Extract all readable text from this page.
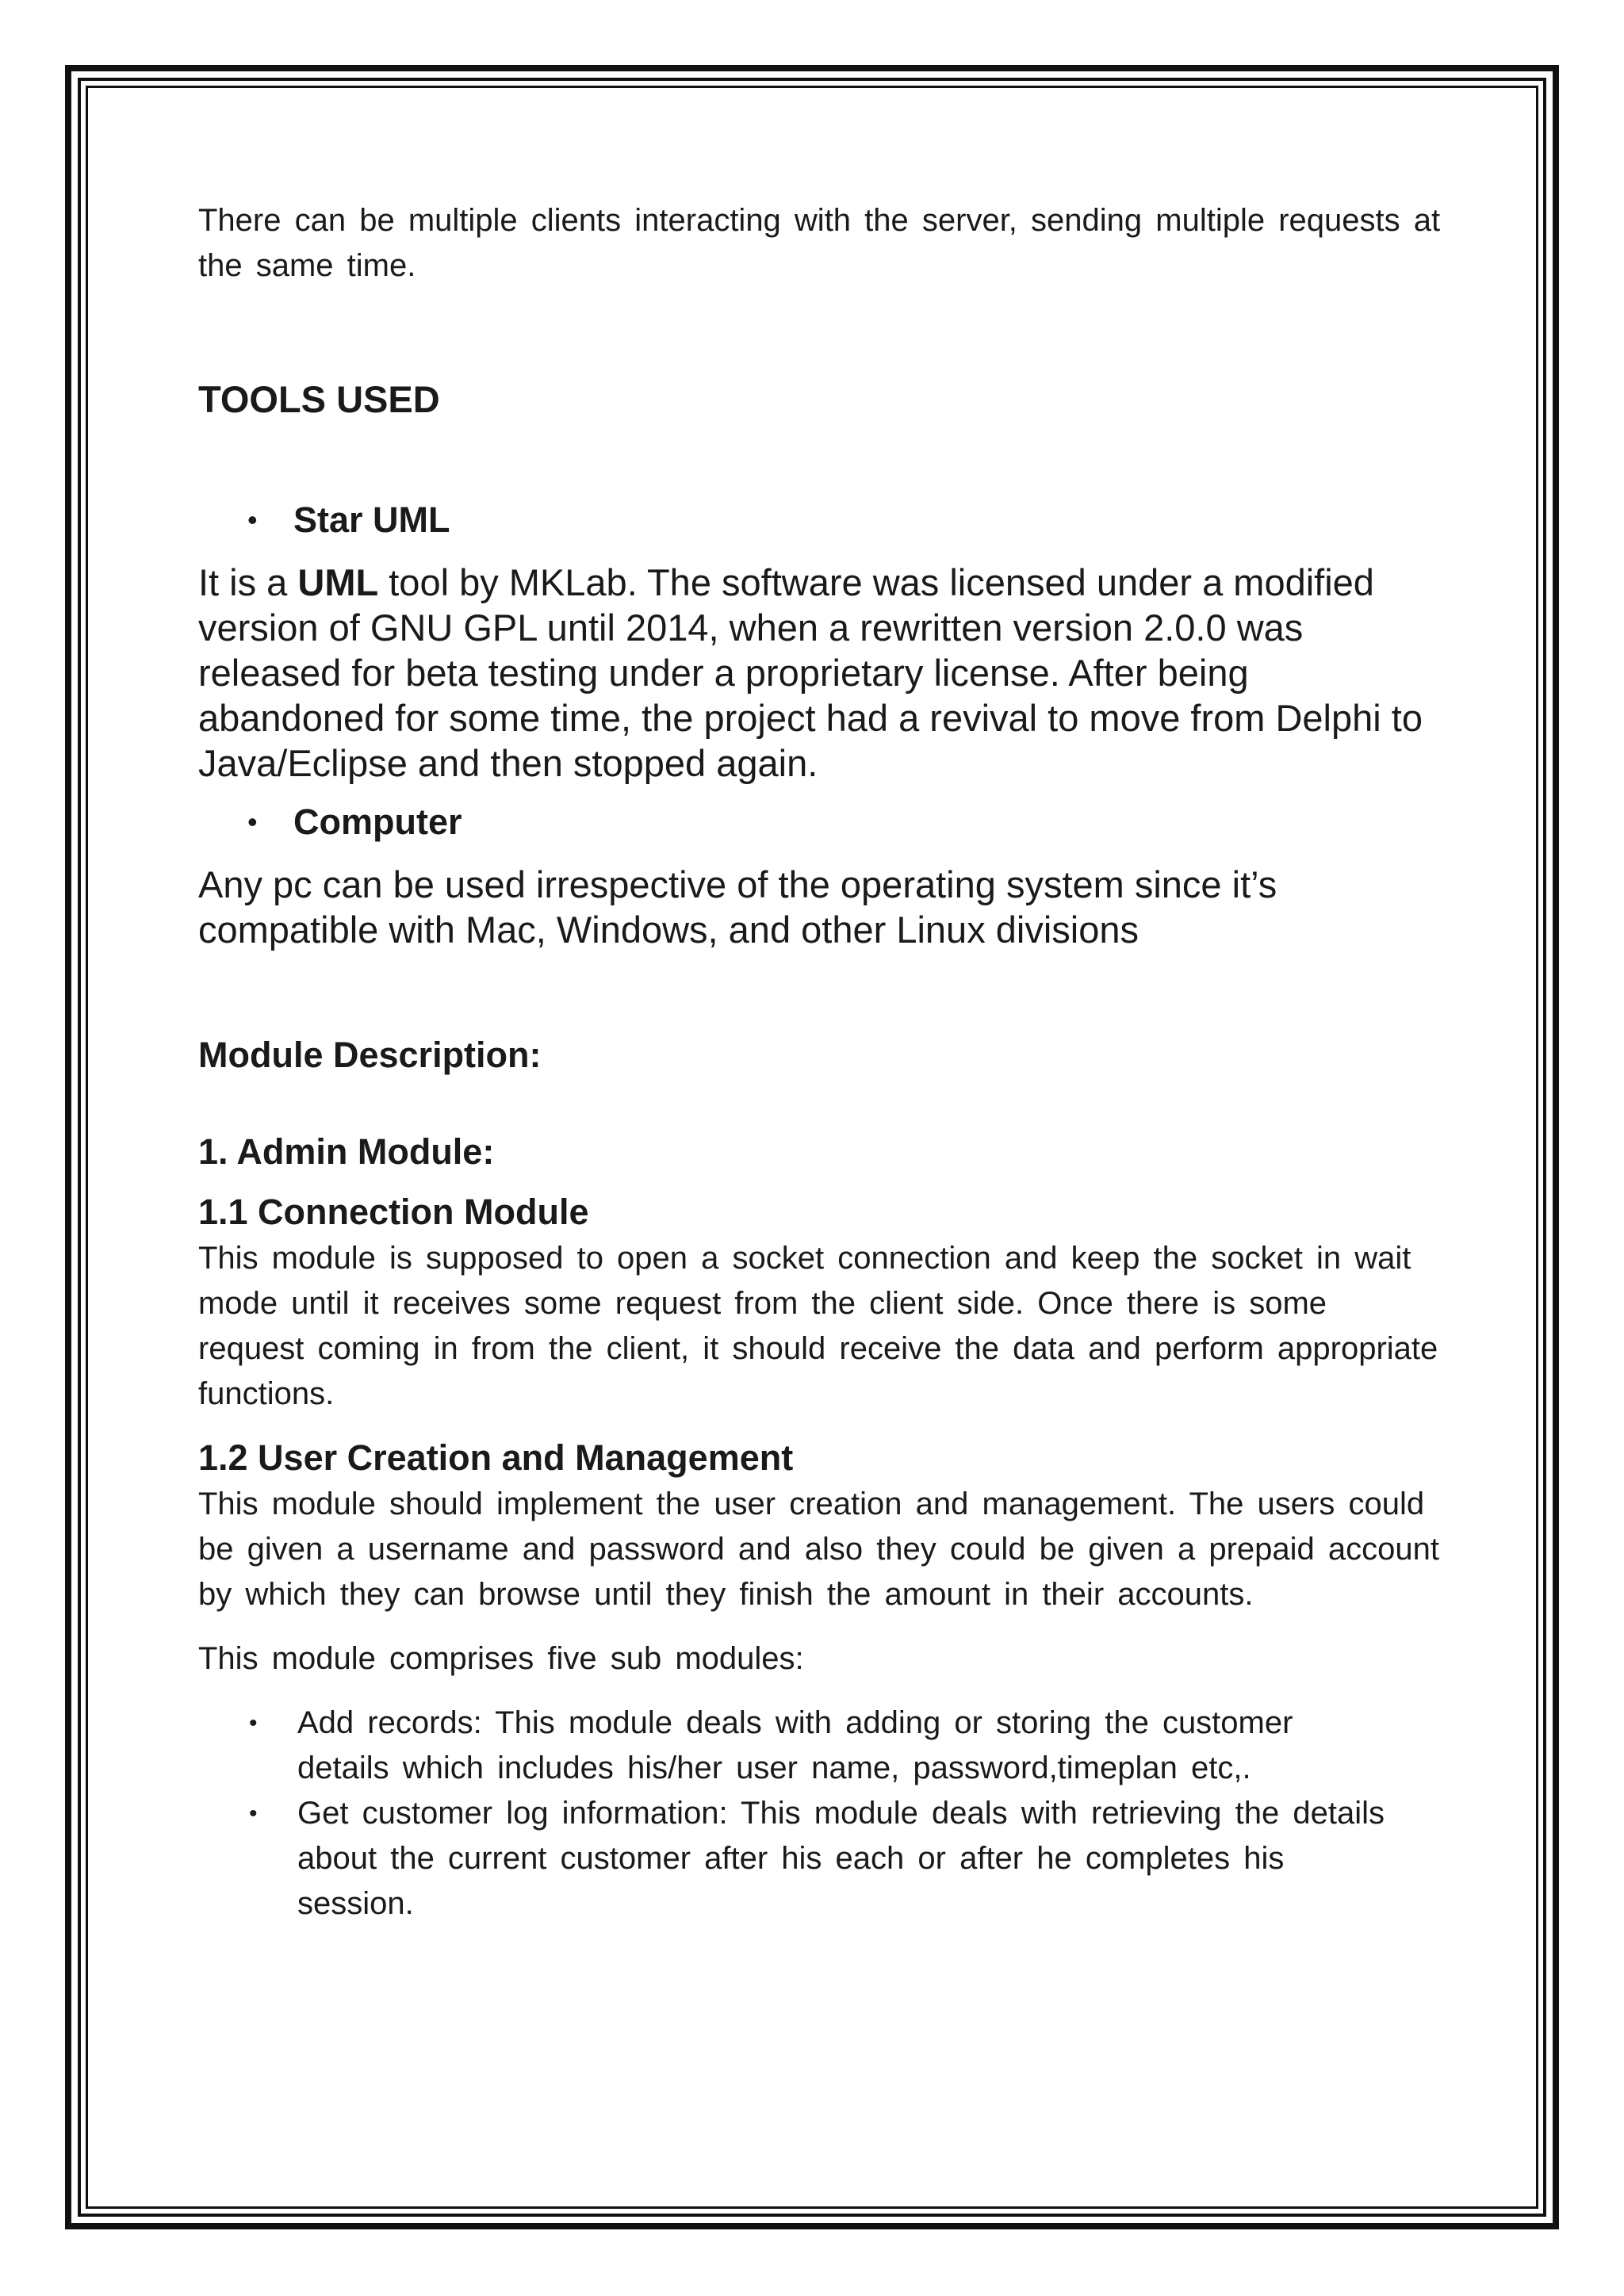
There can be multiple clients interacting with the server, sending multiple requests at the same time.

TOOLS USED
•	Star UML

It is a UML tool by MKLab. The software was licensed under a modified version of GNU GPL until 2014, when a rewritten version 2.0.0 was released for beta testing under a proprietary license. After being abandoned for some time, the project had a revival to move from Delphi to Java/Eclipse and then stopped again.

•	Computer

Any pc can be used irrespective of the operating system since it’s compatible with Mac, Windows, and other Linux divisions

Module Description:
1. Admin Module:
1.1 Connection Module

This module is supposed to open a socket connection and keep the socket in wait mode until it receives some request from the client side. Once there is some request coming in from the client, it should receive the data and perform appropriate functions.

1.2 User Creation and Management

This module should implement the user creation and management. The users could be given a username and password and also they could be given a prepaid account by which they can browse until they finish the amount in their accounts.

This module comprises five sub modules:

•	Add records: This module deals with adding or storing the customer details which includes his/her user name, password,timeplan etc,.
•	Get customer log information: This module deals with retrieving the details about the current customer after his each or after he completes his session.
